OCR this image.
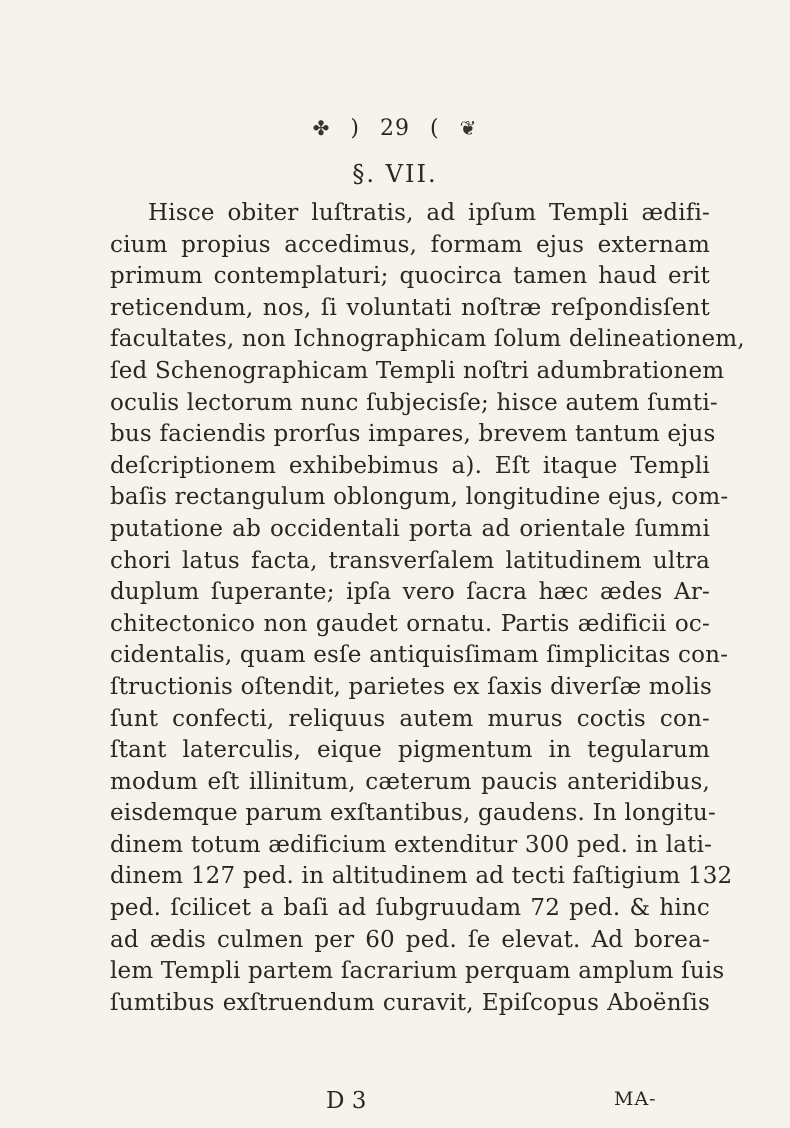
✤ ) 29 ( ❦
§. VII.
Hisce obiter luſtratis, ad ipſum Templi ædifi-
cium propius accedimus, formam ejus externam
primum contemplaturi; quocirca tamen haud erit
reticendum, nos, ſi voluntati noſtræ reſpondisſent
facultates, non Ichnographicam ſolum delineationem,
ſed Schenographicam Templi noſtri adumbrationem
oculis lectorum nunc ſubjecisſe; hisce autem ſumti-
bus faciendis prorſus impares, brevem tantum ejus
deſcriptionem exhibebimus a). Eſt itaque Templi
baſis rectangulum oblongum, longitudine ejus, com-
putatione ab occidentali porta ad orientale ſummi
chori latus facta, transverſalem latitudinem ultra
duplum ſuperante; ipſa vero ſacra hæc ædes Ar-
chitectonico non gaudet ornatu. Partis ædificii oc-
cidentalis, quam esſe antiquisſimam ſimplicitas con-
ſtructionis oſtendit, parietes ex ſaxis diverſæ molis
ſunt confecti, reliquus autem murus coctis con-
ſtant laterculis, eique pigmentum in tegularum
modum eſt illinitum, cæterum paucis anteridibus,
eisdemque parum exſtantibus, gaudens. In longitu-
dinem totum ædificium extenditur 300 ped. in lati-
dinem 127 ped. in altitudinem ad tecti faſtigium 132
ped. ſcilicet a baſi ad ſubgruudam 72 ped. & hinc
ad ædis culmen per 60 ped. ſe elevat. Ad borea-
lem Templi partem ſacrarium perquam amplum ſuis
ſumtibus exſtruendum curavit, Epiſcopus Aboënſis
D 3	MA-
